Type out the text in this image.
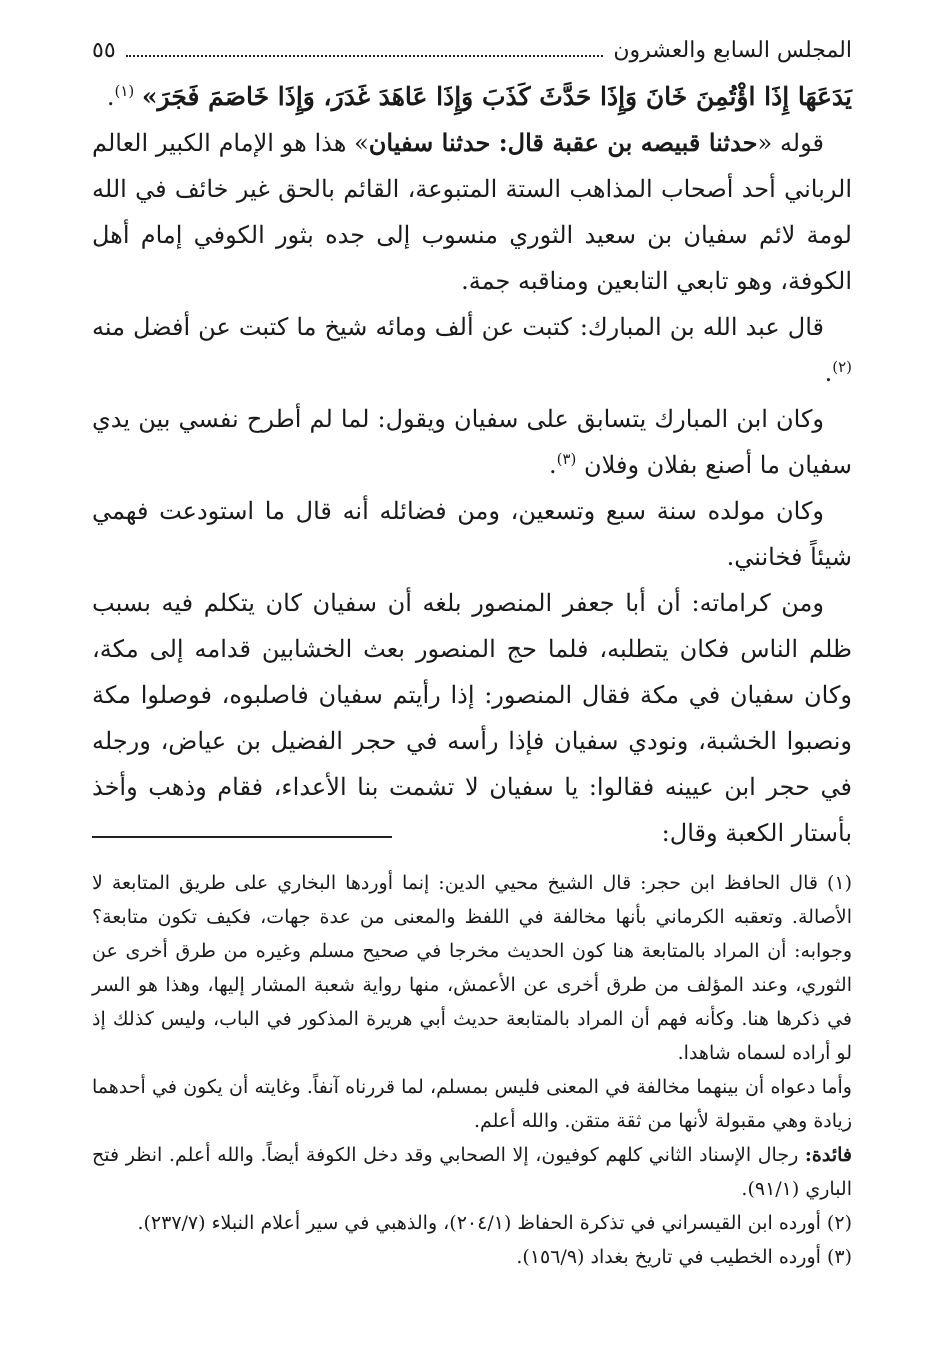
المجلس السابع والعشرون
٥٥

يَدَعَهَا إِذَا اؤْتُمِنَ خَانَ وَإِذَا حَدَّثَ كَذَبَ وَإِذَا عَاهَدَ غَدَرَ، وَإِذَا خَاصَمَ فَجَرَ» $^{(١)}$.

قوله «حدثنا قبيصه بن عقبة قال: حدثنا سفيان» هذا هو الإمام الكبير العالم الرباني أحد أصحاب المذاهب الستة المتبوعة، القائم بالحق غير خائف في الله لومة لائم سفيان بن سعيد الثوري منسوب إلى جده بثور الكوفي إمام أهل الكوفة، وهو تابعي التابعين ومناقبه جمة.

قال عبد الله بن المبارك: كتبت عن ألف ومائه شيخ ما كتبت عن أفضل منه $^{(٢)}$.

وكان ابن المبارك يتسابق على سفيان ويقول: لما لم أطرح نفسي بين يدي سفيان ما أصنع بفلان وفلان $^{(٣)}$.

وكان مولده سنة سبع وتسعين، ومن فضائله أنه قال ما استودعت فهمي شيئاً فخانني.

ومن كراماته: أن أبا جعفر المنصور بلغه أن سفيان كان يتكلم فيه بسبب ظلم الناس فكان يتطلبه، فلما حج المنصور بعث الخشابين قدامه إلى مكة، وكان سفيان في مكة فقال المنصور: إذا رأيتم سفيان فاصلبوه، فوصلوا مكة ونصبوا الخشبة، ونودي سفيان فإذا رأسه في حجر الفضيل بن عياض، ورجله في حجر ابن عيينه فقالوا: يا سفيان لا تشمت بنا الأعداء، فقام وذهب وأخذ بأستار الكعبة وقال:

(١) قال الحافظ ابن حجر: قال الشيخ محيي الدين: إنما أوردها البخاري على طريق المتابعة لا الأصالة. وتعقبه الكرماني بأنها مخالفة في اللفظ والمعنى من عدة جهات، فكيف تكون متابعة؟ وجوابه: أن المراد بالمتابعة هنا كون الحديث مخرجا في صحيح مسلم وغيره من طرق أخرى عن الثوري، وعند المؤلف من طرق أخرى عن الأعمش، منها رواية شعبة المشار إليها، وهذا هو السر في ذكرها هنا. وكأنه فهم أن المراد بالمتابعة حديث أبي هريرة المذكور في الباب، وليس كذلك إذ لو أراده لسماه شاهدا.

وأما دعواه أن بينهما مخالفة في المعنى فليس بمسلم، لما قررناه آنفاً. وغايته أن يكون في أحدهما زيادة وهي مقبولة لأنها من ثقة متقن. والله أعلم.

فائدة: رجال الإسناد الثاني كلهم كوفيون، إلا الصحابي وقد دخل الكوفة أيضاً. والله أعلم. انظر فتح الباري (٩١/١).

(٢) أورده ابن القيسراني في تذكرة الحفاظ (٢٠٤/١)، والذهبي في سير أعلام النبلاء (٢٣٧/٧).

(٣) أورده الخطيب في تاريخ بغداد (١٥٦/٩).
